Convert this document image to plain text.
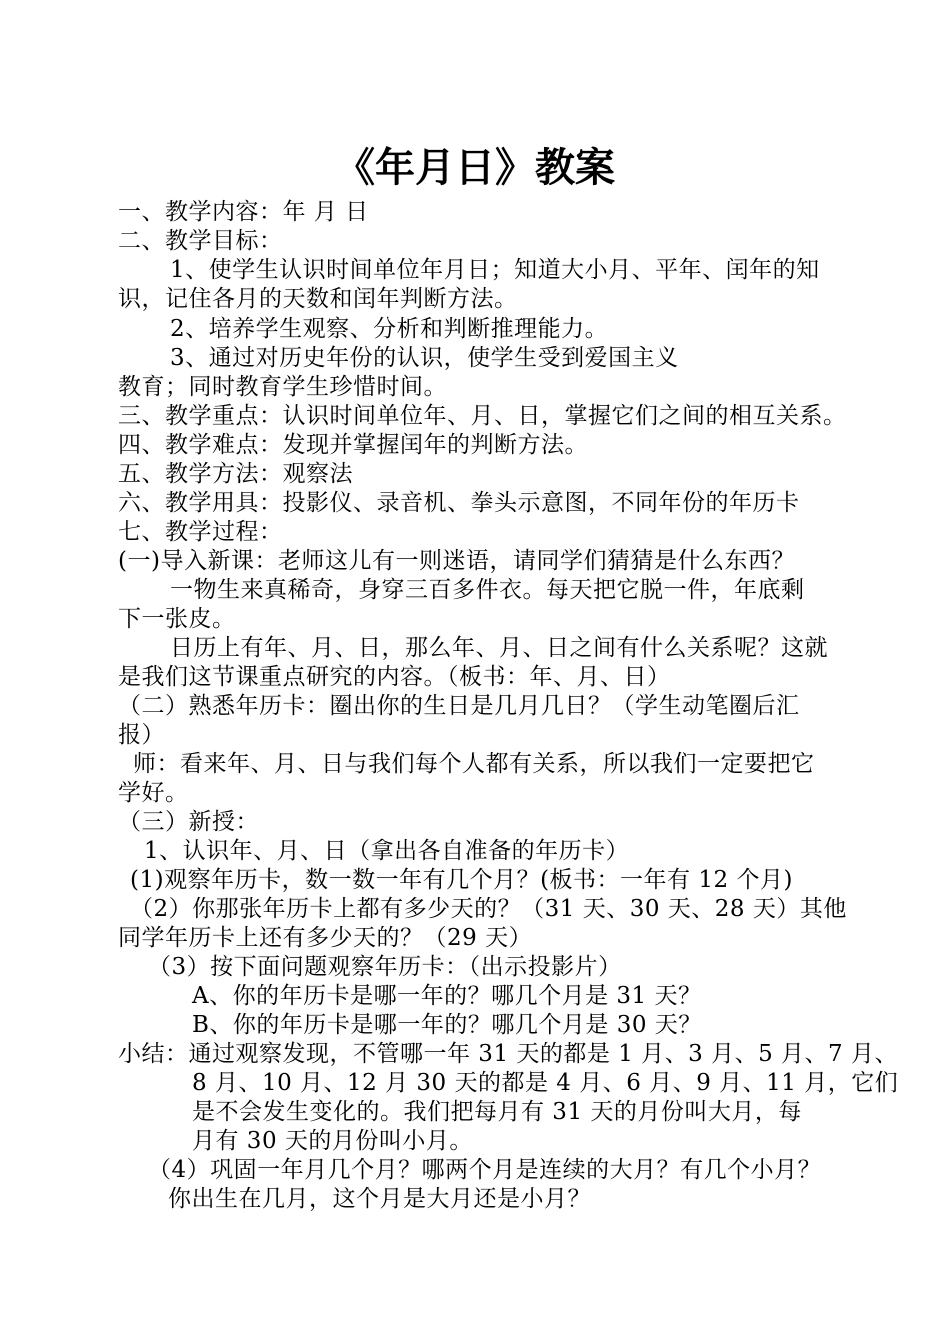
《年月日》教案
一、教学内容：年 月 日
二、教学目标：
1、使学生认识时间单位年月日；知道大小月、平年、闰年的知
识，记住各月的天数和闰年判断方法。
2、培养学生观察、分析和判断推理能力。
3、通过对历史年份的认识，使学生受到爱国主义
教育；同时教育学生珍惜时间。
三、教学重点：认识时间单位年、月、日，掌握它们之间的相互关系。
四、教学难点：发现并掌握闰年的判断方法。
五、教学方法：观察法
六、教学用具：投影仪、录音机、拳头示意图，不同年份的年历卡
七、教学过程：
(一)导入新课：老师这儿有一则迷语，请同学们猜猜是什么东西？
一物生来真稀奇，身穿三百多件衣。每天把它脱一件，年底剩
下一张皮。
日历上有年、月、日，那么年、月、日之间有什么关系呢？这就
是我们这节课重点研究的内容。（板书：年、月、日）
（二）熟悉年历卡：圈出你的生日是几月几日？（学生动笔圈后汇
报）
师：看来年、月、日与我们每个人都有关系，所以我们一定要把它
学好。
（三）新授：
1、认识年、月、日（拿出各自准备的年历卡）
(1)观察年历卡，数一数一年有几个月？(板书：一年有 12 个月)
（2）你那张年历卡上都有多少天的？（31 天、30 天、28 天）其他
同学年历卡上还有多少天的？（29 天）
（3）按下面问题观察年历卡：（出示投影片）
A、你的年历卡是哪一年的？哪几个月是 31 天？
B、你的年历卡是哪一年的？哪几个月是 30 天？
小结：通过观察发现，不管哪一年 31 天的都是 1 月、3 月、5 月、7 月、
8 月、10 月、12 月 30 天的都是 4 月、6 月、9 月、11 月，它们
是不会发生变化的。我们把每月有 31 天的月份叫大月，每
月有 30 天的月份叫小月。
（4）巩固一年月几个月？哪两个月是连续的大月？有几个小月？
你出生在几月，这个月是大月还是小月？
